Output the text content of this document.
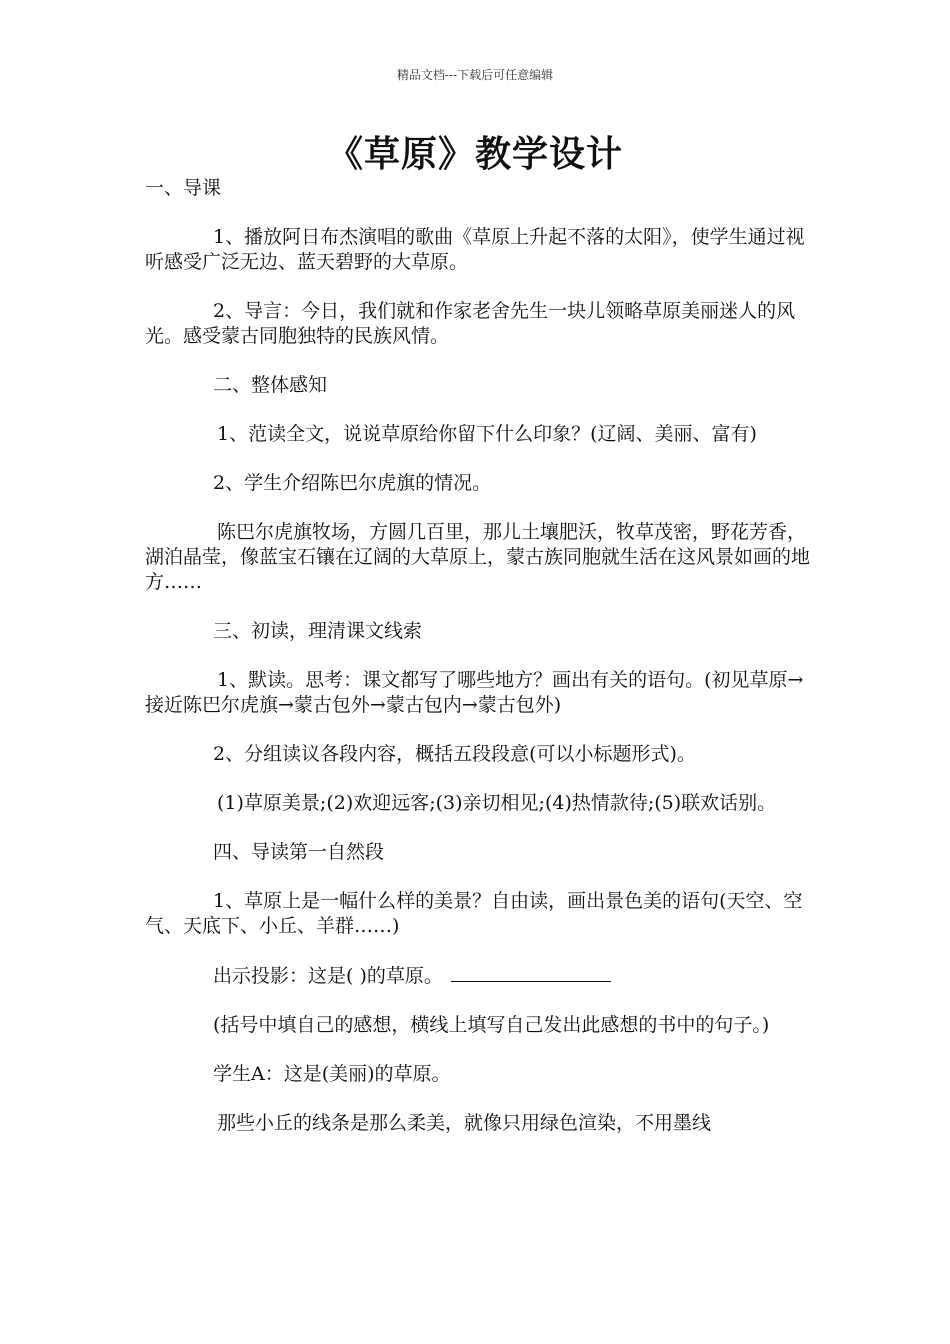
精品文档---下载后可任意编辑
《草原》教学设计

一、导课

1、播放阿日布杰演唱的歌曲《草原上升起不落的太阳》，使学生通过视听感受广泛无边、蓝天碧野的大草原。

2、导言：今日，我们就和作家老舍先生一块儿领略草原美丽迷人的风光。感受蒙古同胞独特的民族风情。

二、整体感知

1、范读全文，说说草原给你留下什么印象？(辽阔、美丽、富有)

2、学生介绍陈巴尔虎旗的情况。

陈巴尔虎旗牧场，方圆几百里，那儿土壤肥沃，牧草茂密，野花芳香，湖泊晶莹，像蓝宝石镶在辽阔的大草原上，蒙古族同胞就生活在这风景如画的地方……

三、初读，理清课文线索

1、默读。思考：课文都写了哪些地方？画出有关的语句。(初见草原→接近陈巴尔虎旗→蒙古包外→蒙古包内→蒙古包外)

2、分组读议各段内容，概括五段段意(可以小标题形式)。

(1)草原美景;(2)欢迎远客;(3)亲切相见;(4)热情款待;(5)联欢话别。

四、导读第一自然段

1、草原上是一幅什么样的美景？自由读，画出景色美的语句(天空、空气、天底下、小丘、羊群……)

出示投影：这是( )的草原。

(括号中填自己的感想，横线上填写自己发出此感想的书中的句子。)

学生A：这是(美丽)的草原。

那些小丘的线条是那么柔美，就像只用绿色渲染，不用墨线
